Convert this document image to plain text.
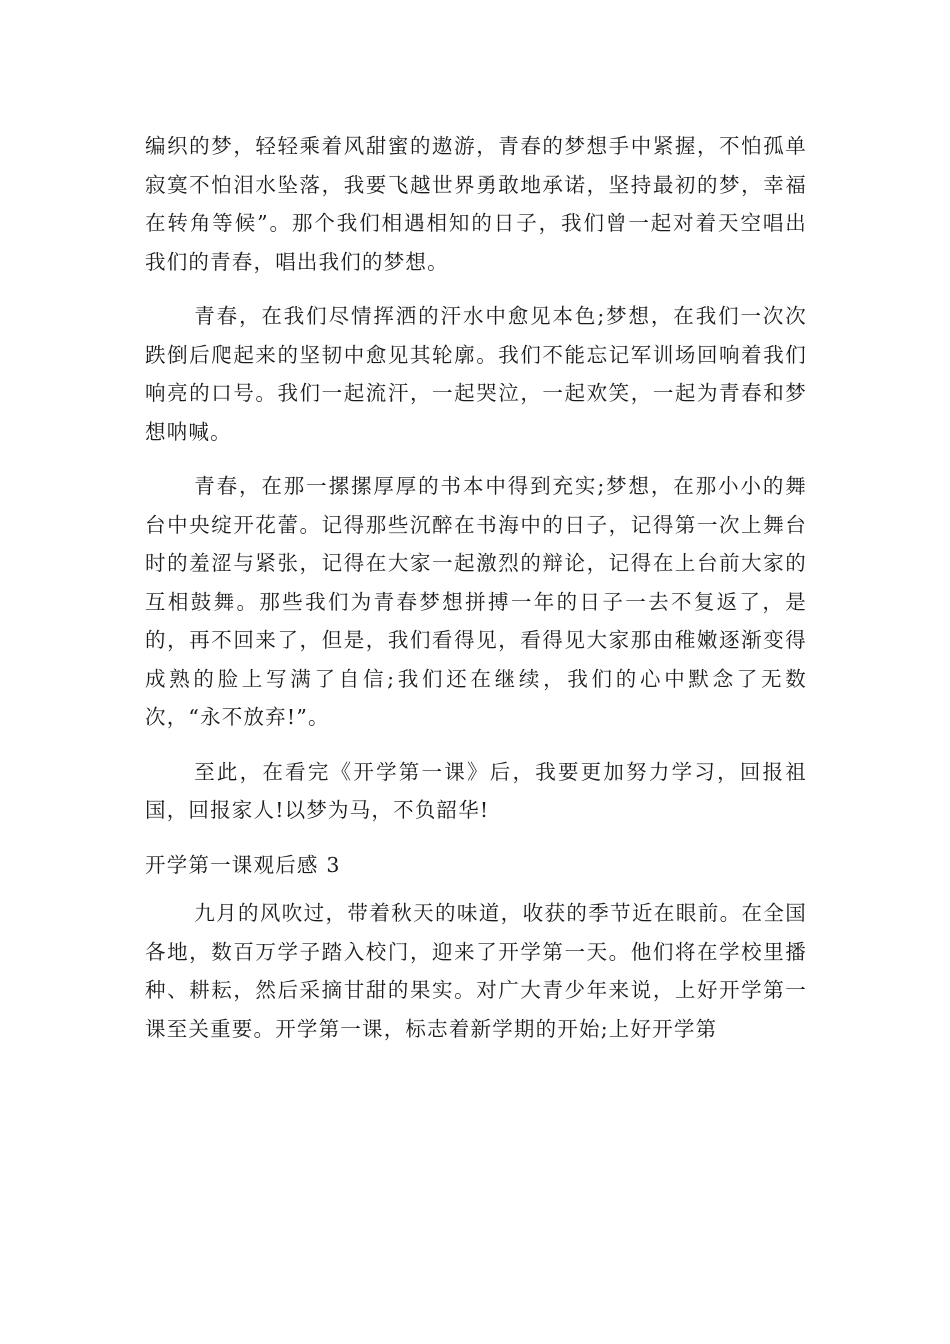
编织的梦，轻轻乘着风甜蜜的遨游，青春的梦想手中紧握，不怕孤单寂寞不怕泪水坠落，我要飞越世界勇敢地承诺，坚持最初的梦，幸福在转角等候”。那个我们相遇相知的日子，我们曾一起对着天空唱出我们的青春，唱出我们的梦想。

青春，在我们尽情挥洒的汗水中愈见本色;梦想，在我们一次次跌倒后爬起来的坚韧中愈见其轮廓。我们不能忘记军训场回响着我们响亮的口号。我们一起流汗，一起哭泣，一起欢笑，一起为青春和梦想呐喊。

青春，在那一摞摞厚厚的书本中得到充实;梦想，在那小小的舞台中央绽开花蕾。记得那些沉醉在书海中的日子，记得第一次上舞台时的羞涩与紧张，记得在大家一起激烈的辩论，记得在上台前大家的互相鼓舞。那些我们为青春梦想拼搏一年的日子一去不复返了，是的，再不回来了，但是，我们看得见，看得见大家那由稚嫩逐渐变得成熟的脸上写满了自信;我们还在继续，我们的心中默念了无数次，“永不放弃!”。

至此，在看完《开学第一课》后，我要更加努力学习，回报祖国，回报家人!以梦为马，不负韶华!

开学第一课观后感 3

九月的风吹过，带着秋天的味道，收获的季节近在眼前。在全国各地，数百万学子踏入校门，迎来了开学第一天。他们将在学校里播种、耕耘，然后采摘甘甜的果实。对广大青少年来说，上好开学第一课至关重要。开学第一课，标志着新学期的开始;上好开学第
